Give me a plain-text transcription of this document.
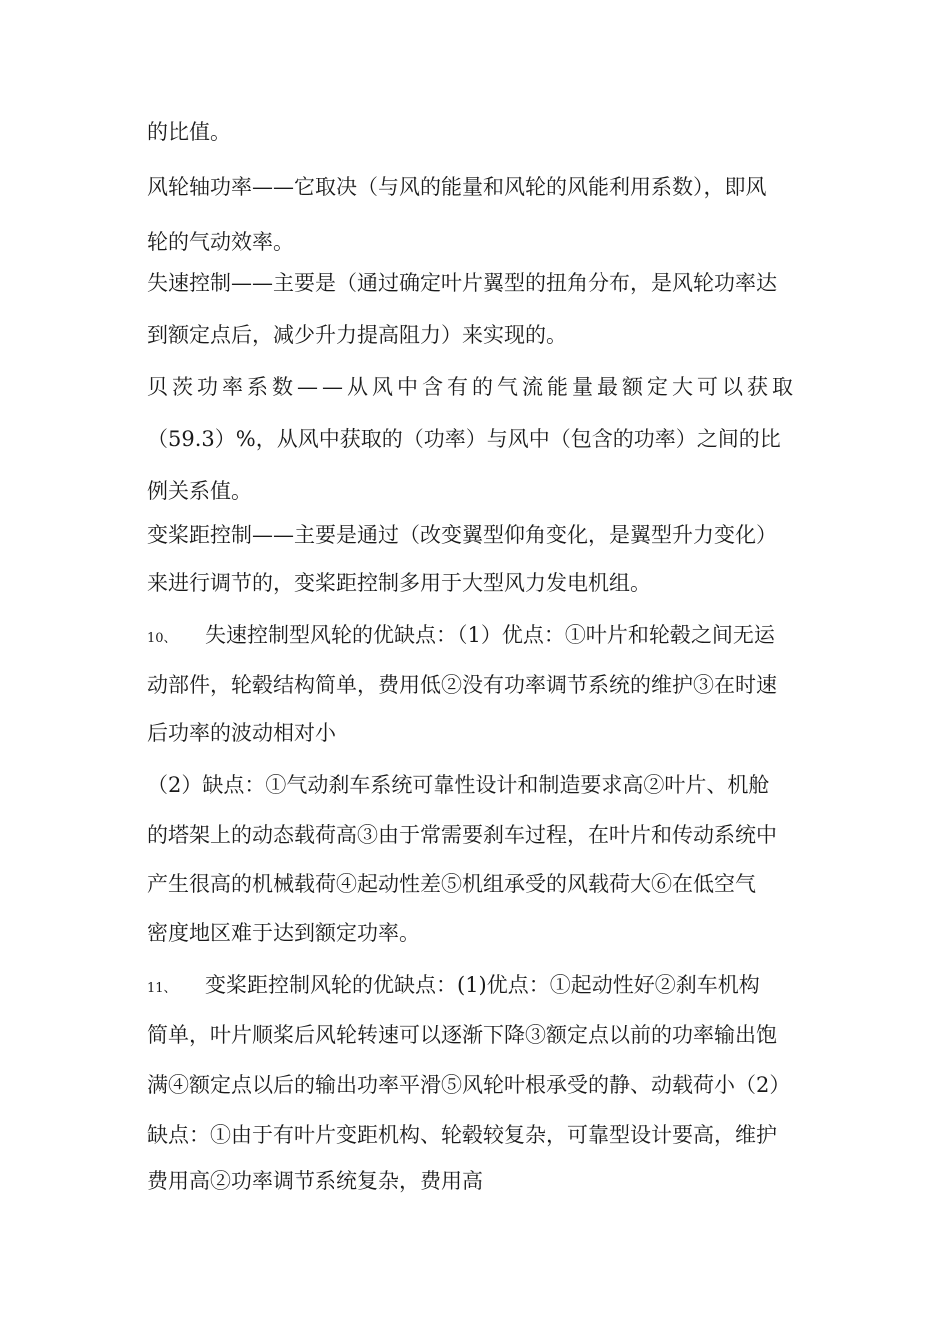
的比值。
风轮轴功率——它取决（与风的能量和风轮的风能利用系数），即风
轮的气动效率。
失速控制——主要是（通过确定叶片翼型的扭角分布，是风轮功率达
到额定点后，减少升力提高阻力）来实现的。
贝茨功率系数——从风中含有的气流能量最额定大可以获取
（59.3）%，从风中获取的（功率）与风中（包含的功率）之间的比
例关系值。
变桨距控制——主要是通过（改变翼型仰角变化，是翼型升力变化）
来进行调节的，变桨距控制多用于大型风力发电机组。
10、 失速控制型风轮的优缺点：（1）优点：①叶片和轮毂之间无运
动部件，轮毂结构简单，费用低②没有功率调节系统的维护③在时速
后功率的波动相对小
（2）缺点：①气动刹车系统可靠性设计和制造要求高②叶片、机舱
的塔架上的动态载荷高③由于常需要刹车过程，在叶片和传动系统中
产生很高的机械载荷④起动性差⑤机组承受的风载荷大⑥在低空气
密度地区难于达到额定功率。
11、 变桨距控制风轮的优缺点：(1)优点：①起动性好②刹车机构
简单，叶片顺桨后风轮转速可以逐渐下降③额定点以前的功率输出饱
满④额定点以后的输出功率平滑⑤风轮叶根承受的静、动载荷小（2）
缺点：①由于有叶片变距机构、轮毂较复杂，可靠型设计要高，维护
费用高②功率调节系统复杂，费用高
